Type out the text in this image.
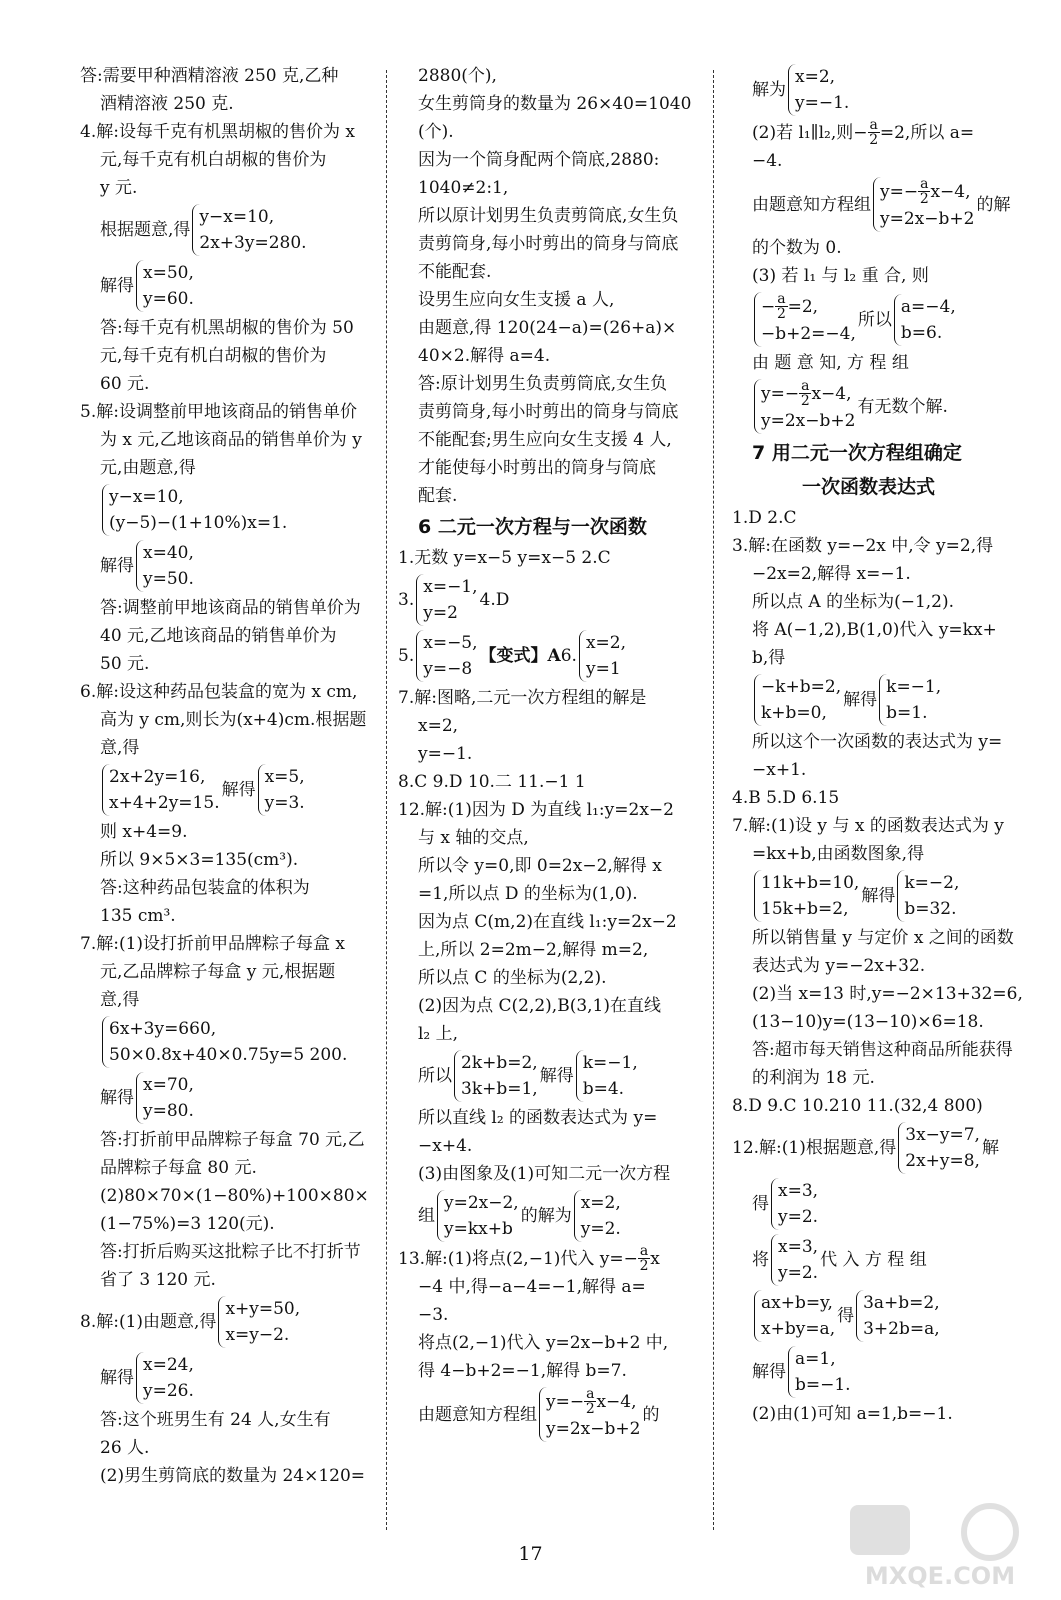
答:需要甲种酒精溶液 250 克,乙种
酒精溶液 250 克.
4.解:设每千克有机黑胡椒的售价为 x
元,每千克有机白胡椒的售价为
y 元.
根据题意,得
y−x=10,
2x+3y=280.
解得
x=50,
y=60.
答:每千克有机黑胡椒的售价为 50
元,每千克有机白胡椒的售价为
60 元.
5.解:设调整前甲地该商品的销售单价
为 x 元,乙地该商品的销售单价为 y
元,由题意,得
y−x=10,
(y−5)−(1+10%)x=1.
解得
x=40,
y=50.
答:调整前甲地该商品的销售单价为
40 元,乙地该商品的销售单价为
50 元.
6.解:设这种药品包装盒的宽为 x cm,
高为 y cm,则长为(x+4)cm.根据题
意,得
2x+2y=16,
x+4+2y=15.
解得
x=5,
y=3.
则 x+4=9.
所以 9×5×3=135(cm³).
答:这种药品包装盒的体积为
135 cm³.
7.解:(1)设打折前甲品牌粽子每盒 x
元,乙品牌粽子每盒 y 元,根据题
意,得
6x+3y=660,
50×0.8x+40×0.75y=5 200.
解得
x=70,
y=80.
答:打折前甲品牌粽子每盒 70 元,乙
品牌粽子每盒 80 元.
(2)80×70×(1−80%)+100×80×
(1−75%)=3 120(元).
答:打折后购买这批粽子比不打折节
省了 3 120 元.
8.解:(1)由题意,得
x+y=50,
x=y−2.
解得
x=24,
y=26.
答:这个班男生有 24 人,女生有
26 人.
(2)男生剪筒底的数量为 24×120=
2880(个),
女生剪筒身的数量为 26×40=1040
(个).
因为一个筒身配两个筒底,2880:
1040≠2:1,
所以原计划男生负责剪筒底,女生负
责剪筒身,每小时剪出的筒身与筒底
不能配套.
设男生应向女生支援 a 人,
由题意,得 120(24−a)=(26+a)×
40×2.解得 a=4.
答:原计划男生负责剪筒底,女生负
责剪筒身,每小时剪出的筒身与筒底
不能配套;男生应向女生支援 4 人,
才能使每小时剪出的筒身与筒底
配套.
6 二元一次方程与一次函数
1.无数 y=x−5 y=x−5 2.C
3.
x=−1,
y=2
4.D
5.
x=−5,
y=−8
【变式】A 6.
x=2,
y=1
7.解:图略,二元一次方程组的解是
x=2,
y=−1.
8.C 9.D 10.二 11.−1 1
12.解:(1)因为 D 为直线 l₁:y=2x−2
与 x 轴的交点,
所以令 y=0,即 0=2x−2,解得 x
=1,所以点 D 的坐标为(1,0).
因为点 C(m,2)在直线 l₁:y=2x−2
上,所以 2=2m−2,解得 m=2,
所以点 C 的坐标为(2,2).
(2)因为点 C(2,2),B(3,1)在直线
l₂ 上,
所以
2k+b=2,
3k+b=1,
解得
k=−1,
b=4.
所以直线 l₂ 的函数表达式为 y=
−x+4.
(3)由图象及(1)可知二元一次方程
组
y=2x−2,
y=kx+b
的解为
x=2,
y=2.
13.解:(1)将点(2,−1)代入 $y=- \frac{a}{2}$ x
−4 中,得−a−4=−1,解得 a=
−3.
将点(2,−1)代入 y=2x−b+2 中,
得 4−b+2=−1,解得 b=7.
由题意知方程组
$y=- \frac{a}{2} x-4$,
y=2x−b+2
的
解为
x=2,
y=−1.
(2)若 l₁∥l₂,则− $\frac{a}{2} =2$,所以 a=
−4.
由题意知方程组
$y=- \frac{a}{2} x-4$,
y=2x−b+2
的解
的个数为 0.
(3) 若 l₁ 与 l₂ 重 合, 则
− $\frac{a}{2} =2$,
−b+2=−4,
所以
a=−4,
b=6.
由 题 意 知, 方 程 组
$y=- \frac{a}{2} x-4$,
y=2x−b+2
有无数个解.
7 用二元一次方程组确定
一次函数表达式
1.D 2.C
3.解:在函数 y=−2x 中,令 y=2,得
−2x=2,解得 x=−1.
所以点 A 的坐标为(−1,2).
将 A(−1,2),B(1,0)代入 y=kx+
b,得
−k+b=2,
k+b=0,
解得
k=−1,
b=1.
所以这个一次函数的表达式为 y=
−x+1.
4.B 5.D 6.15
7.解:(1)设 y 与 x 的函数表达式为 y
=kx+b,由函数图象,得
11k+b=10,
15k+b=2,
解得
k=−2,
b=32.
所以销售量 y 与定价 x 之间的函数
表达式为 y=−2x+32.
(2)当 x=13 时,y=−2×13+32=6,
(13−10)y=(13−10)×6=18.
答:超市每天销售这种商品所能获得
的利润为 18 元.
8.D 9.C 10.210 11.(32,4 800)
12.解:(1)根据题意,得
3x−y=7,
2x+y=8,
解
得
x=3,
y=2.
将
x=3,
y=2.
代 入 方 程 组
ax+b=y,
x+by=a,
得
3a+b=2,
3+2b=a,
解得
a=1,
b=−1.
(2)由(1)可知 a=1,b=−1.
17
MXQE.COM
